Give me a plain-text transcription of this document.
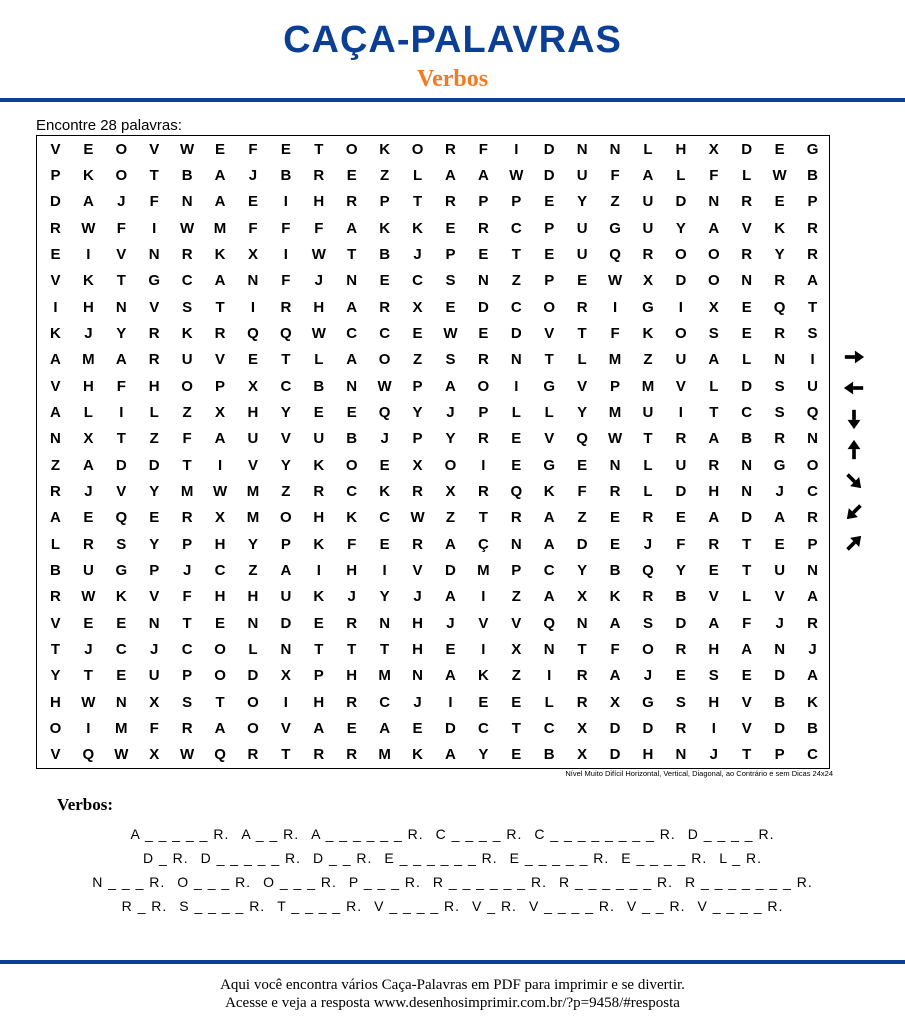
CAÇA-PALAVRAS
Verbos
Encontre 28 palavras:
V	E	O	V	W	E	F	E	T	O	K	O	R	F	I	D	N	N	L	H	X	D	E	G
P	K	O	T	B	A	J	B	R	E	Z	L	A	A	W	D	U	F	A	L	F	L	W	B
D	A	J	F	N	A	E	I	H	R	P	T	R	P	P	E	Y	Z	U	D	N	R	E	P
R	W	F	I	W	M	F	F	F	A	K	K	E	R	C	P	U	G	U	Y	A	V	K	R
E	I	V	N	R	K	X	I	W	T	B	J	P	E	T	E	U	Q	R	O	O	R	Y	R
V	K	T	G	C	A	N	F	J	N	E	C	S	N	Z	P	E	W	X	D	O	N	R	A
I	H	N	V	S	T	I	R	H	A	R	X	E	D	C	O	R	I	G	I	X	E	Q	T
K	J	Y	R	K	R	Q	Q	W	C	C	E	W	E	D	V	T	F	K	O	S	E	R	S
A	M	A	R	U	V	E	T	L	A	O	Z	S	R	N	T	L	M	Z	U	A	L	N	I
V	H	F	H	O	P	X	C	B	N	W	P	A	O	I	G	V	P	M	V	L	D	S	U
A	L	I	L	Z	X	H	Y	E	E	Q	Y	J	P	L	L	Y	M	U	I	T	C	S	Q
N	X	T	Z	F	A	U	V	U	B	J	P	Y	R	E	V	Q	W	T	R	A	B	R	N
Z	A	D	D	T	I	V	Y	K	O	E	X	O	I	E	G	E	N	L	U	R	N	G	O
R	J	V	Y	M	W	M	Z	R	C	K	R	X	R	Q	K	F	R	L	D	H	N	J	C
A	E	Q	E	R	X	M	O	H	K	C	W	Z	T	R	A	Z	E	R	E	A	D	A	R
L	R	S	Y	P	H	Y	P	K	F	E	R	A	Ç	N	A	D	E	J	F	R	T	E	P
B	U	G	P	J	C	Z	A	I	H	I	V	D	M	P	C	Y	B	Q	Y	E	T	U	N
R	W	K	V	F	H	H	U	K	J	Y	J	A	I	Z	A	X	K	R	B	V	L	V	A
V	E	E	N	T	E	N	D	E	R	N	H	J	V	V	Q	N	A	S	D	A	F	J	R
T	J	C	J	C	O	L	N	T	T	T	H	E	I	X	N	T	F	O	R	H	A	N	J
Y	T	E	U	P	O	D	X	P	H	M	N	A	K	Z	I	R	A	J	E	S	E	D	A
H	W	N	X	S	T	O	I	H	R	C	J	I	E	E	L	R	X	G	S	H	V	B	K
O	I	M	F	R	A	O	V	A	E	A	E	D	C	T	C	X	D	D	R	I	V	D	B
V	Q	W	X	W	Q	R	T	R	R	M	K	A	Y	E	B	X	D	H	N	J	T	P	C
Nível Muito Difícil Horizontal, Vertical, Diagonal, ao Contrário e sem Dicas 24x24
Verbos:
A _ _ _ _ _ R. A _ _ R. A _ _ _ _ _ _ R. C _ _ _ _ R. C _ _ _ _ _ _ _ _ R. D _ _ _ _ R.
D _ R. D _ _ _ _ _ R. D _ _ R. E _ _ _ _ _ _ R. E _ _ _ _ _ R. E _ _ _ _ R. L _ R.
N _ _ _ R. O _ _ _ R. O _ _ _ R. P _ _ _ R. R _ _ _ _ _ _ R. R _ _ _ _ _ _ R. R _ _ _ _ _ _ _ R.
R _ R. S _ _ _ _ R. T _ _ _ _ R. V _ _ _ _ R. V _ R. V _ _ _ _ R. V _ _ R. V _ _ _ _ R.
Aqui você encontra vários Caça-Palavras em PDF para imprimir e se divertir.
Acesse e veja a resposta www.desenhosimprimir.com.br/?p=9458/#resposta
